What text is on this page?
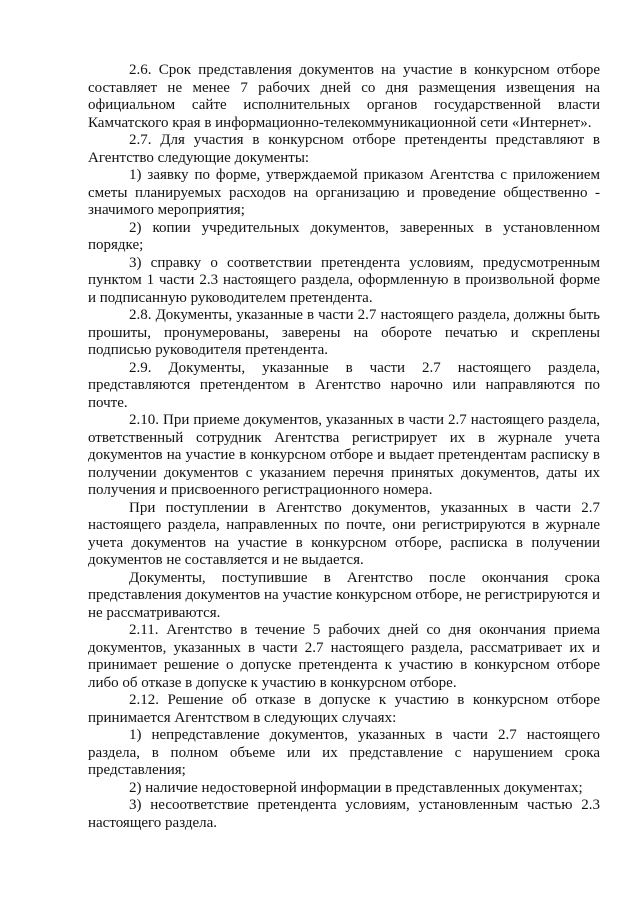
2.6. Срок представления документов на участие в конкурсном отборе составляет не менее 7 рабочих дней со дня размещения извещения на официальном сайте исполнительных органов государственной власти Камчатского края в информационно-телекоммуникационной сети «Интернет».

2.7. Для участия в конкурсном отборе претенденты представляют в Агентство следующие документы:

1) заявку по форме, утверждаемой приказом Агентства с приложением сметы планируемых расходов на организацию и проведение общественно - значимого мероприятия;

2) копии учредительных документов, заверенных в установленном порядке;

3) справку о соответствии претендента условиям, предусмотренным пунктом 1 части 2.3 настоящего раздела, оформленную в произвольной форме и подписанную руководителем претендента.

2.8. Документы, указанные в части 2.7 настоящего раздела, должны быть прошиты, пронумерованы, заверены на обороте печатью и скреплены подписью руководителя претендента.

2.9. Документы, указанные в части 2.7 настоящего раздела, представляются претендентом в Агентство нарочно или направляются по почте.

2.10. При приеме документов, указанных в части 2.7 настоящего раздела, ответственный сотрудник Агентства регистрирует их в журнале учета документов на участие в конкурсном отборе и выдает претендентам расписку в получении документов с указанием перечня принятых документов, даты их получения и присвоенного регистрационного номера.

При поступлении в Агентство документов, указанных в части 2.7 настоящего раздела, направленных по почте, они регистрируются в журнале учета документов на участие в конкурсном отборе, расписка в получении документов не составляется и не выдается.

Документы, поступившие в Агентство после окончания срока представления документов на участие конкурсном отборе, не регистрируются и не рассматриваются.

2.11. Агентство в течение 5 рабочих дней со дня окончания приема документов, указанных в части 2.7 настоящего раздела, рассматривает их и принимает решение о допуске претендента к участию в конкурсном отборе либо об отказе в допуске к участию в конкурсном отборе.

2.12. Решение об отказе в допуске к участию в конкурсном отборе принимается Агентством в следующих случаях:

1) непредставление документов, указанных в части 2.7 настоящего раздела, в полном объеме или их представление с нарушением срока представления;

2) наличие недостоверной информации в представленных документах;

3) несоответствие претендента условиям, установленным частью 2.3 настоящего раздела.
